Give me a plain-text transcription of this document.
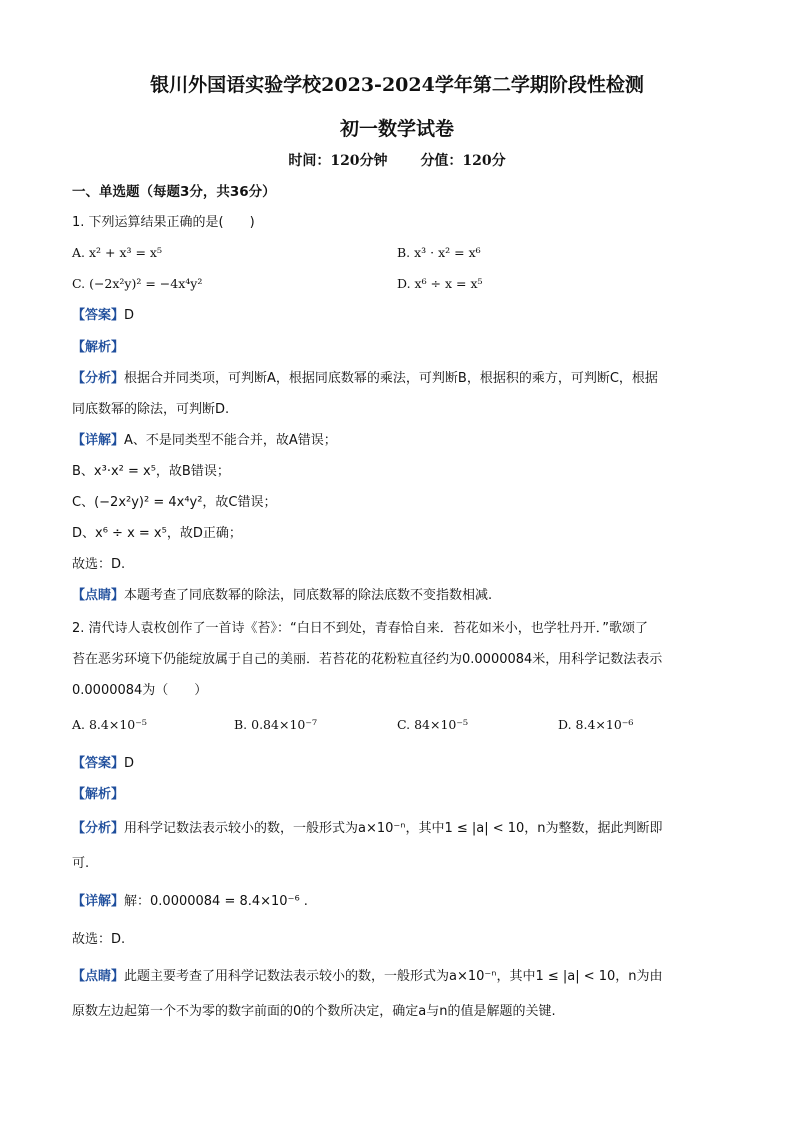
银川外国语实验学校2023-2024学年第二学期阶段性检测
初一数学试卷
时间：120分钟 分值：120分
一、单选题（每题3分，共36分）
1. 下列运算结果正确的是(　　)
A. x² + x³ = x⁵	B. x³ · x² = x⁶
C. (−2x²y)² = −4x⁴y²	D. x⁶ ÷ x = x⁵
【答案】D
【解析】
【分析】根据合并同类项，可判断A，根据同底数幂的乘法，可判断B，根据积的乘方，可判断C，根据
同底数幂的除法，可判断D.
【详解】A、不是同类型不能合并，故A错误；
B、x³·x² = x⁵，故B错误；
C、(−2x²y)² = 4x⁴y²，故C错误；
D、x⁶ ÷ x = x⁵，故D正确；
故选：D.
【点睛】本题考查了同底数幂的除法，同底数幂的除法底数不变指数相减.
2. 清代诗人袁枚创作了一首诗《苔》：“白日不到处，青春恰自来．苔花如米小，也学牡丹开．”歌颂了
苔在恶劣环境下仍能绽放属于自己的美丽．若苔花的花粉粒直径约为0.0000084米，用科学记数法表示
0.0000084为（　　）
A. 8.4×10⁻⁵	B. 0.84×10⁻⁷	C. 84×10⁻⁵	D. 8.4×10⁻⁶
【答案】D
【解析】
【分析】用科学记数法表示较小的数，一般形式为a×10⁻ⁿ，其中1 ≤ |a| < 10，n为整数，据此判断即
可.
【详解】解：0.0000084 = 8.4×10⁻⁶ .
故选：D.
【点睛】此题主要考查了用科学记数法表示较小的数，一般形式为a×10⁻ⁿ，其中1 ≤ |a| < 10，n为由
原数左边起第一个不为零的数字前面的0的个数所决定，确定a与n的值是解题的关键.
